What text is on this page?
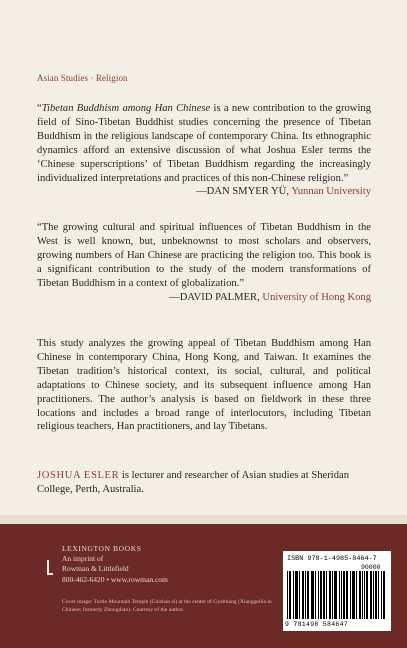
Asian Studies · Religion

“Tibetan Buddhism among Han Chinese is a new contribution to the growing field of Sino-Tibetan Buddhist studies concerning the presence of Tibetan Buddhism in the religious landscape of contemporary China. Its ethnographic dynamics afford an extensive discussion of what Joshua Esler terms the ‘Chinese superscriptions’ of Tibetan Buddhism regarding the increasingly individualized interpretations and practices of this non-Chinese religion.”

—DAN SMYER YÜ, Yunnan University

“The growing cultural and spiritual influences of Tibetan Buddhism in the West is well known, but, unbeknownst to most scholars and observers, growing numbers of Han Chinese are practicing the religion too. This book is a significant contribution to the study of the modern transformations of Tibetan Buddhism in a context of globalization.”

—DAVID PALMER, University of Hong Kong
This study analyzes the growing appeal of Tibetan Buddhism among Han Chinese in contemporary China, Hong Kong, and Taiwan. It examines the Tibetan tradition’s historical context, its social, cultural, and political adaptations to Chinese society, and its subsequent influence among Han practitioners. The author’s analysis is based on fieldwork in these three locations and includes a broad range of interlocutors, including Tibetan religious teachers, Han practitioners, and lay Tibetans.
JOSHUA ESLER is lecturer and researcher of Asian studies at Sheridan College, Perth, Australia.
LEXINGTON BOOKS
An imprint of
Rowman & Littlefield
800-462-6420 • www.rowman.com
Cover image: Turtle Mountain Temple (Guishan si) at the center of Gyalthang (Xianggelila in Chinese; formerly Zhongdian). Courtesy of the author.
ISBN 978-1-4985-8464-7
90000
9 781498 584647
